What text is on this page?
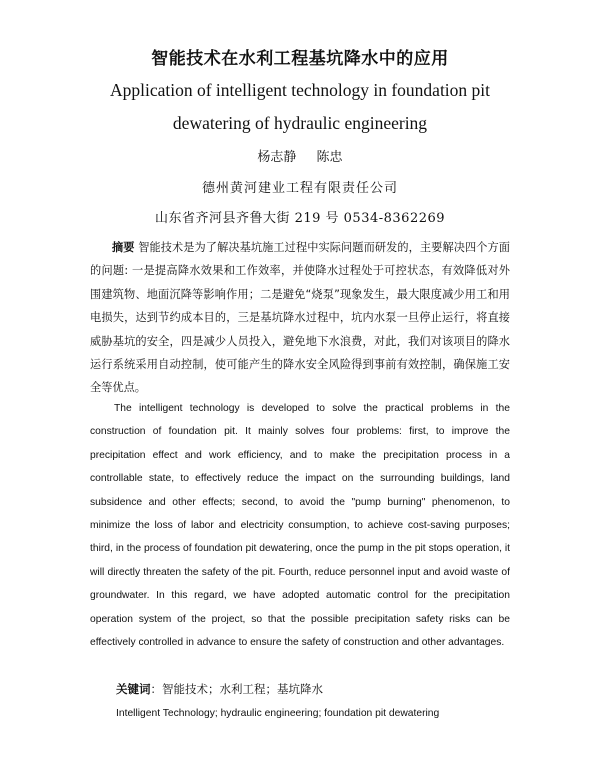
智能技术在水利工程基坑降水中的应用
Application of intelligent technology in foundation pit
dewatering of hydraulic engineering
杨志静 陈忠
德州黄河建业工程有限责任公司
山东省齐河县齐鲁大街 219 号 0534-8362269
摘要 智能技术是为了解决基坑施工过程中实际问题而研发的，主要解决四个方面的问题: 一是提高降水效果和工作效率，并使降水过程处于可控状态，有效降低对外围建筑物、地面沉降等影响作用；二是避免“烧泵”现象发生，最大限度减少用工和用电损失，达到节约成本目的，三是基坑降水过程中，坑内水泵一旦停止运行，将直接威胁基坑的安全，四是减少人员投入，避免地下水浪费，对此，我们对该项目的降水运行系统采用自动控制，使可能产生的降水安全风险得到事前有效控制，确保施工安全等优点。
The intelligent technology is developed to solve the practical problems in the construction of foundation pit. It mainly solves four problems: first, to improve the precipitation effect and work efficiency, and to make the precipitation process in a controllable state, to effectively reduce the impact on the surrounding buildings, land subsidence and other effects; second, to avoid the "pump burning" phenomenon, to minimize the loss of labor and electricity consumption, to achieve cost-saving purposes; third, in the process of foundation pit dewatering, once the pump in the pit stops operation, it will directly threaten the safety of the pit. Fourth, reduce personnel input and avoid waste of groundwater. In this regard, we have adopted automatic control for the precipitation operation system of the project, so that the possible precipitation safety risks can be effectively controlled in advance to ensure the safety of construction and other advantages.
关键词：智能技术；水利工程；基坑降水
Intelligent Technology; hydraulic engineering; foundation pit dewatering
